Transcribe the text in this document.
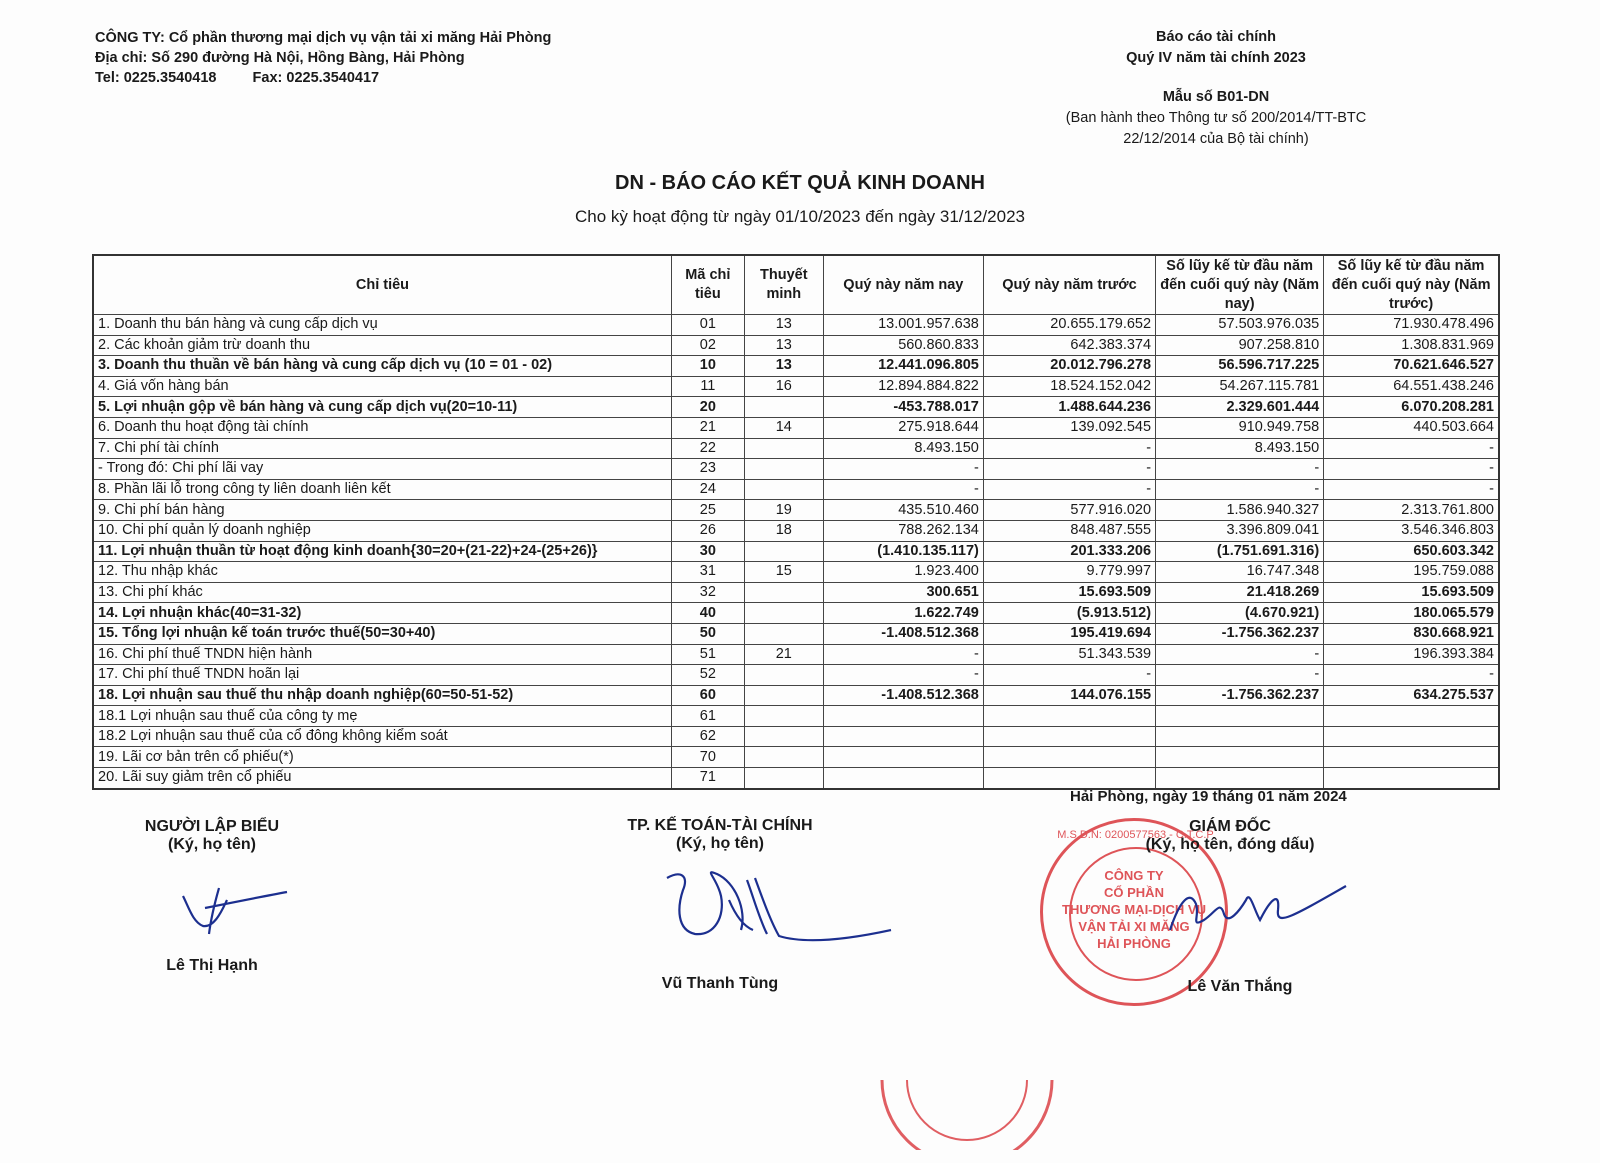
CÔNG TY: Cổ phần thương mại dịch vụ vận tải xi măng Hải Phòng
Địa chỉ: Số 290 đường Hà Nội, Hồng Bàng, Hải Phòng
Tel: 0225.3540418 Fax: 0225.3540417
Báo cáo tài chính
Quý IV năm tài chính 2023
Mẫu số B01-DN
(Ban hành theo Thông tư số 200/2014/TT-BTC
22/12/2014 của Bộ tài chính)
DN - BÁO CÁO KẾT QUẢ KINH DOANH
Cho kỳ hoạt động từ ngày 01/10/2023 đến ngày 31/12/2023
Chỉ tiêu	Mã chỉ tiêu	Thuyết minh	Quý này năm nay	Quý này năm trước	Số lũy kế từ đầu năm đến cuối quý này (Năm nay)	Số lũy kế từ đầu năm đến cuối quý này (Năm trước)
1. Doanh thu bán hàng và cung cấp dịch vụ	01	13	13.001.957.638	20.655.179.652	57.503.976.035	71.930.478.496
2. Các khoản giảm trừ doanh thu	02	13	560.860.833	642.383.374	907.258.810	1.308.831.969
3. Doanh thu thuần về bán hàng và cung cấp dịch vụ (10 = 01 - 02)	10	13	12.441.096.805	20.012.796.278	56.596.717.225	70.621.646.527
4. Giá vốn hàng bán	11	16	12.894.884.822	18.524.152.042	54.267.115.781	64.551.438.246
5. Lợi nhuận gộp về bán hàng và cung cấp dịch vụ(20=10-11)	20		-453.788.017	1.488.644.236	2.329.601.444	6.070.208.281
6. Doanh thu hoạt động tài chính	21	14	275.918.644	139.092.545	910.949.758	440.503.664
7. Chi phí tài chính	22		8.493.150	-	8.493.150	-
- Trong đó: Chi phí lãi vay	23		-	-	-	-
8. Phần lãi lỗ trong công ty liên doanh liên kết	24		-	-	-	-
9. Chi phí bán hàng	25	19	435.510.460	577.916.020	1.586.940.327	2.313.761.800
10. Chi phí quản lý doanh nghiệp	26	18	788.262.134	848.487.555	3.396.809.041	3.546.346.803
11. Lợi nhuận thuần từ hoạt động kinh doanh{30=20+(21-22)+24-(25+26)}	30		(1.410.135.117)	201.333.206	(1.751.691.316)	650.603.342
12. Thu nhập khác	31	15	1.923.400	9.779.997	16.747.348	195.759.088
13. Chi phí khác	32		300.651	15.693.509	21.418.269	15.693.509
14. Lợi nhuận khác(40=31-32)	40		1.622.749	(5.913.512)	(4.670.921)	180.065.579
15. Tổng lợi nhuận kế toán trước thuế(50=30+40)	50		-1.408.512.368	195.419.694	-1.756.362.237	830.668.921
16. Chi phí thuế TNDN hiện hành	51	21	-	51.343.539	-	196.393.384
17. Chi phí thuế TNDN hoãn lại	52		-	-	-	-
18. Lợi nhuận sau thuế thu nhập doanh nghiệp(60=50-51-52)	60		-1.408.512.368	144.076.155	-1.756.362.237	634.275.537
18.1 Lợi nhuận sau thuế của công ty mẹ	61					
18.2 Lợi nhuận sau thuế của cổ đông không kiểm soát	62					
19. Lãi cơ bản trên cổ phiếu(*)	70					
20. Lãi suy giảm trên cổ phiếu	71					
Hải Phòng, ngày 19 tháng 01 năm 2024
NGƯỜI LẬP BIỂU
(Ký, họ tên)
Lê Thị Hạnh
TP. KẾ TOÁN-TÀI CHÍNH
(Ký, họ tên)
Vũ Thanh Tùng
M.S.D.N: 0200577563 - C.T.C.P
CÔNG TY
CỔ PHẦN
THƯƠNG MẠI-DỊCH VỤ
VẬN TẢI XI MĂNG
HẢI PHÒNG
GIÁM ĐỐC
(Ký, họ tên, đóng dấu)
Lê Văn Thắng
